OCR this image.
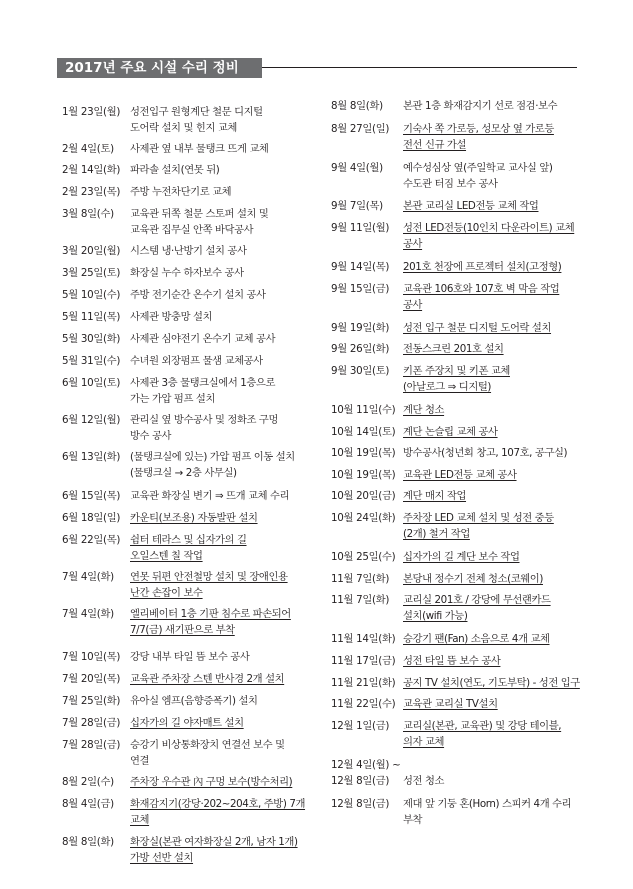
2017년 주요 시설 수리 정비
1월 23일(월) 성전입구 원형계단 철문 디지털
도어락 설치 및 힌지 교체
2월 4일(토) 사제관 옆 내부 물탱크 뜨게 교체
2월 14일(화) 파라솔 설치(연못 뒤)
2월 23일(목) 주방 누전차단기로 교체
3월 8일(수) 교육관 뒤쪽 철문 스토퍼 설치 및
교육관 집무실 안쪽 바닥공사
3월 20일(월) 시스템 냉·난방기 설치 공사
3월 25일(토) 화장실 누수 하자보수 공사
5월 10일(수) 주방 전기순간 온수기 설치 공사
5월 11일(목) 사제관 방충망 설치
5월 30일(화) 사제관 심야전기 온수기 교체 공사
5월 31일(수) 수녀원 외장펌프 물샘 교체공사
6월 10일(토) 사제관 3층 물탱크실에서 1층으로
가는 가압 펌프 설치
6월 12일(월) 관리실 옆 방수공사 및 정화조 구멍
방수 공사
6월 13일(화) (물탱크실에 있는) 가압 펌프 이동 설치
(물탱크실 → 2층 사무실)
6월 15일(목) 교육관 화장실 변기 ⇒ 뜨개 교체 수리
6월 18일(일) 카운티(보조용) 자동발판 설치
6월 22일(목) 쉼터 테라스 및 십자가의 길
오일스텐 칠 작업
7월 4일(화) 연못 뒤편 안전철망 설치 및 장애인용
난간 손잡이 보수
7월 4일(화) 엘리베이터 1층 기판 침수로 파손되어
7/7(금) 새기판으로 부착
7월 10일(목) 강당 내부 타일 뜸 보수 공사
7월 20일(목) 교육관 주차장 스텐 반사경 2개 설치
7월 25일(화) 유아실 엠프(음향증폭기) 설치
7월 28일(금) 십자가의 길 야자매트 설치
7월 28일(금) 승강기 비상통화장치 연결선 보수 및
연결
8월 2일(수) 주차장 우수관 內 구멍 보수(방수처리)
8월 4일(금) 화재감지기(강당·202~204호, 주방) 7개
교체
8월 8일(화) 화장실(본관 여자화장실 2개, 남자 1개)
가방 선반 설치
8월 8일(화) 본관 1층 화재감지기 선로 점검·보수
8월 27일(일) 기숙사 쪽 가로등, 성모상 옆 가로등
전선 신규 가설
9월 4일(월) 예수성심상 옆(주일학교 교사실 앞)
수도관 터짐 보수 공사
9월 7일(목) 본관 교리실 LED전등 교체 작업
9월 11일(월) 성전 LED전등(10인치 다운라이트) 교체
공사
9월 14일(목) 201호 천장에 프로젝터 설치(고정형)
9월 15일(금) 교육관 106호와 107호 벽 막음 작업
공사
9월 19일(화) 성전 입구 철문 디지털 도어락 설치
9월 26일(화) 전동스크린 201호 설치
9월 30일(토) 키폰 주장치 및 키폰 교체
(아날로그 ⇒ 디지털)
10월 11일(수) 계단 청소
10월 14일(토) 계단 논슬립 교체 공사
10월 19일(목) 방수공사(청년회 창고, 107호, 공구실)
10월 19일(목) 교육관 LED전등 교체 공사
10월 20일(금) 계단 매지 작업
10월 24일(화) 주차장 LED 교체 설치 및 성전 중등
(2개) 철거 작업
10월 25일(수) 십자가의 길 계단 보수 작업
11월 7일(화) 본당내 정수기 전체 청소(코웨이)
11월 7일(화) 교리실 201호 / 강당에 무선랜카드
설치(wifi 가능)
11월 14일(화) 승강기 팬(Fan) 소음으로 4개 교체
11월 17일(금) 성전 타일 뜸 보수 공사
11월 21일(화) 공지 TV 설치(연도, 기도부탁) - 성전 입구
11월 22일(수) 교육관 교리실 TV설치
12월 1일(금) 교리실(본관, 교육관) 및 강당 테이블,
의자 교체
12월 4일(월) ~
12월 8일(금) 성전 청소
12월 8일(금) 제대 앞 기둥 혼(Horn) 스피커 4개 수리
부착
